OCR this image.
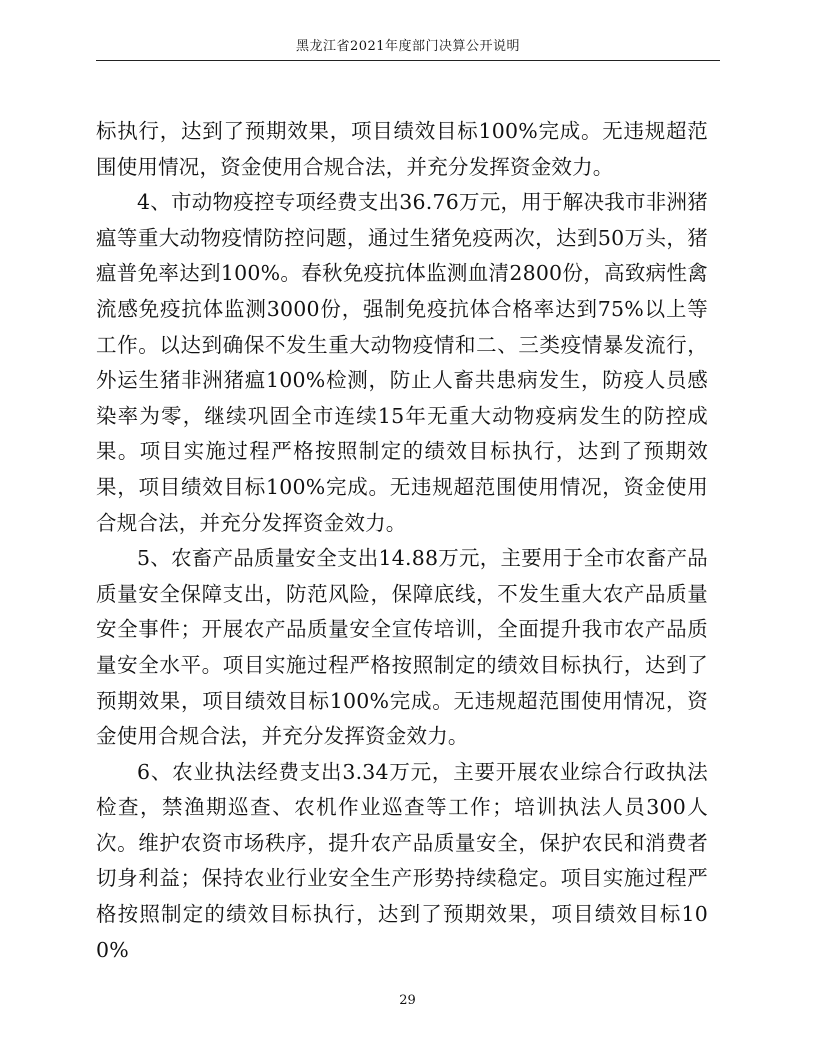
黑龙江省2021年度部门决算公开说明

标执行，达到了预期效果，项目绩效目标100%完成。无违规超范围使用情况，资金使用合规合法，并充分发挥资金效力。

4、市动物疫控专项经费支出36.76万元，用于解决我市非洲猪瘟等重大动物疫情防控问题，通过生猪免疫两次，达到50万头，猪瘟普免率达到100%。春秋免疫抗体监测血清2800份，高致病性禽流感免疫抗体监测3000份，强制免疫抗体合格率达到75%以上等工作。以达到确保不发生重大动物疫情和二、三类疫情暴发流行，外运生猪非洲猪瘟100%检测，防止人畜共患病发生，防疫人员感染率为零，继续巩固全市连续15年无重大动物疫病发生的防控成果。项目实施过程严格按照制定的绩效目标执行，达到了预期效果，项目绩效目标100%完成。无违规超范围使用情况，资金使用合规合法，并充分发挥资金效力。

5、农畜产品质量安全支出14.88万元，主要用于全市农畜产品质量安全保障支出，防范风险，保障底线，不发生重大农产品质量安全事件；开展农产品质量安全宣传培训，全面提升我市农产品质量安全水平。项目实施过程严格按照制定的绩效目标执行，达到了预期效果，项目绩效目标100%完成。无违规超范围使用情况，资金使用合规合法，并充分发挥资金效力。

6、农业执法经费支出3.34万元，主要开展农业综合行政执法检查，禁渔期巡查、农机作业巡查等工作；培训执法人员300人次。维护农资市场秩序，提升农产品质量安全，保护农民和消费者切身利益；保持农业行业安全生产形势持续稳定。项目实施过程严格按照制定的绩效目标执行，达到了预期效果，项目绩效目标100%

29
